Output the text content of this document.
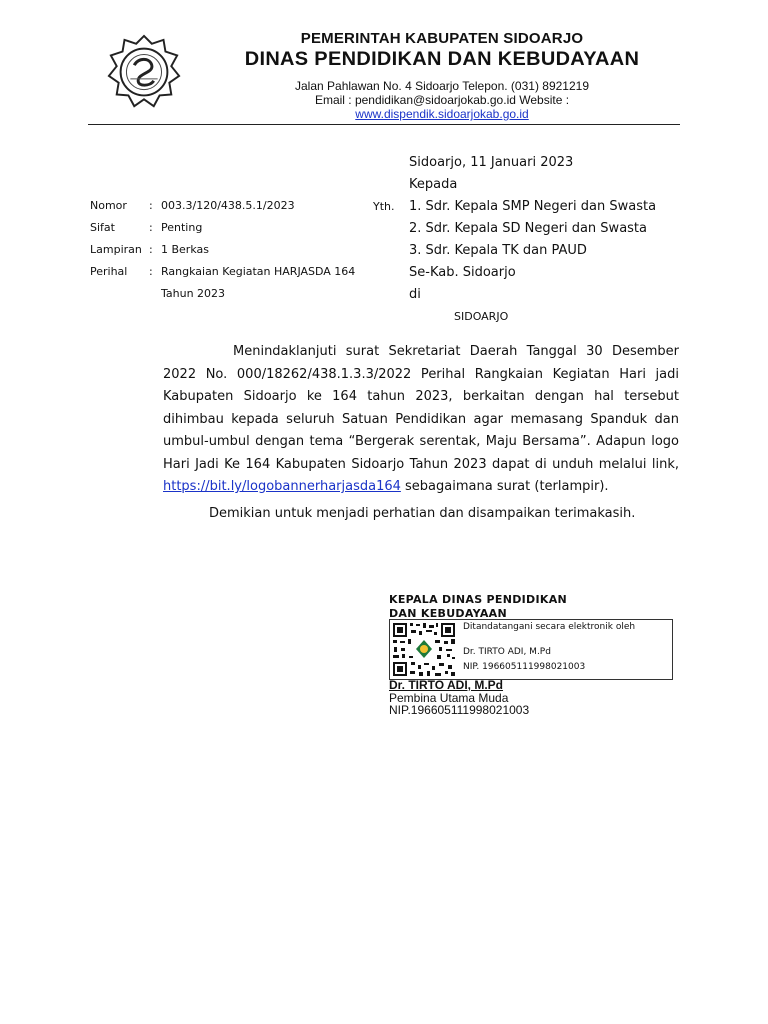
PEMERINTAH KABUPATEN SIDOARJO
DINAS PENDIDIKAN DAN KEBUDAYAAN
Jalan Pahlawan No. 4 Sidoarjo Telepon. (031) 8921219
Email : pendidikan@sidoarjokab.go.id Website :
www.dispendik.sidoarjokab.go.id
Sidoarjo, 11 Januari 2023
Kepada
1. Sdr. Kepala SMP Negeri dan Swasta
2. Sdr. Kepala SD Negeri dan Swasta
3. Sdr. Kepala TK dan PAUD
Se-Kab. Sidoarjo
di
SIDOARJO
Yth.
Nomor : 003.3/120/438.5.1/2023
Sifat	: Penting
Lampiran : 1 Berkas
Perihal : Rangkaian Kegiatan HARJASDA 164
Tahun 2023

Menindaklanjuti surat Sekretariat Daerah Tanggal 30 Desember 2022 No. 000/18262/438.1.3.3/2022 Perihal Rangkaian Kegiatan Hari jadi Kabupaten Sidoarjo ke 164 tahun 2023, berkaitan dengan hal tersebut dihimbau kepada seluruh Satuan Pendidikan agar memasang Spanduk dan umbul-umbul dengan tema “Bergerak serentak, Maju Bersama”. Adapun logo Hari Jadi Ke 164 Kabupaten Sidoarjo Tahun 2023 dapat di unduh melalui link, https://bit.ly/logobannerharjasda164 sebagaimana surat (terlampir).

Demikian untuk menjadi perhatian dan disampaikan terimakasih.

KEPALA DINAS PENDIDIKAN
DAN KEBUDAYAAN
Ditandatangani secara elektronik oleh
Dr. TIRTO ADI, M.Pd
NIP. 196605111998021003
Dr. TIRTO ADI, M.Pd
Pembina Utama Muda
NIP.196605111998021003
